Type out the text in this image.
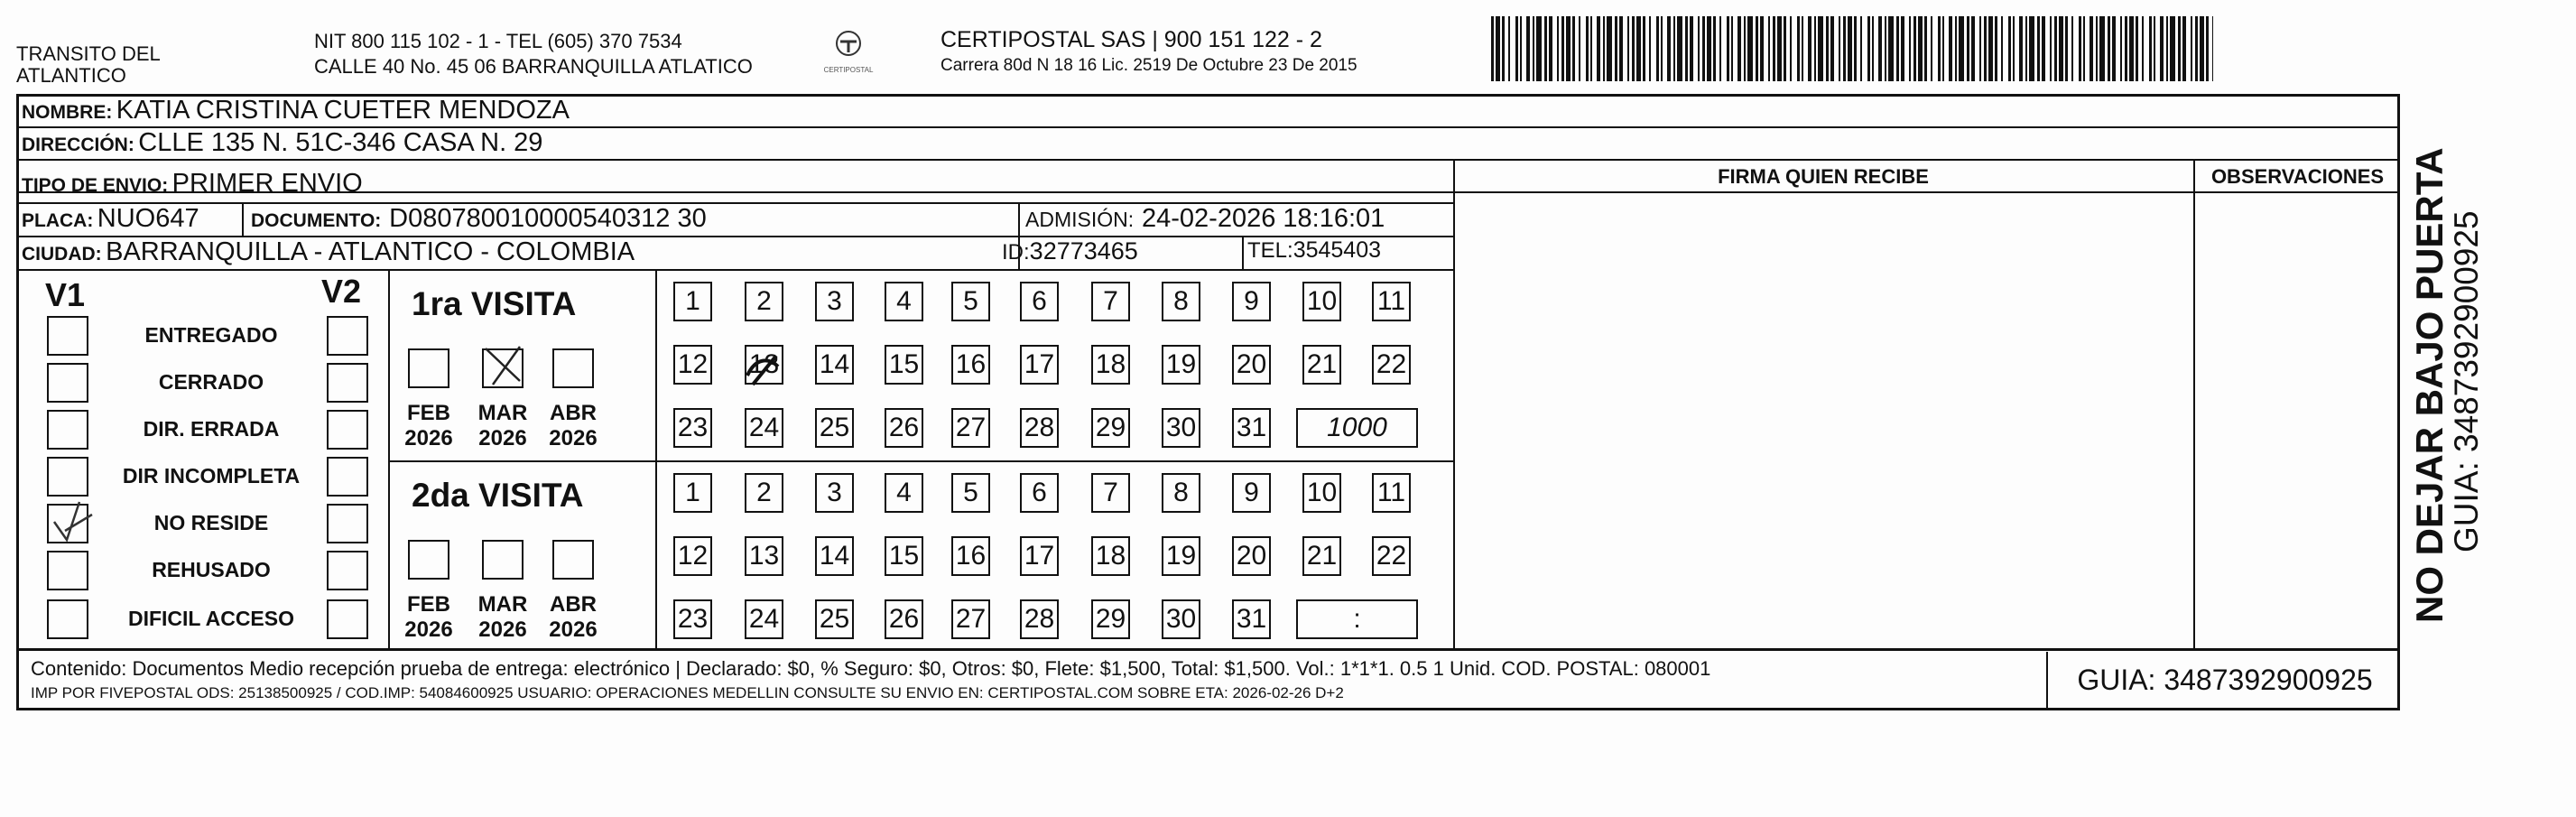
TRANSITO DEL
ATLANTICO
NIT 800 115 102 - 1 - TEL (605) 370 7534
CALLE 40 No. 45 06 BARRANQUILLA ATLATICO	CERTIPOSTAL
CERTIPOSTAL SAS | 900 151 122 - 2
Carrera 80d N 18 16 Lic. 2519 De Octubre 23 De 2015
NOMBRE:
KATIA CRISTINA CUETER MENDOZA
DIRECCIÓN:
CLLE 135 N. 51C-346 CASA N. 29
TIPO DE ENVIO:
PRIMER ENVIO	FIRMA QUIEN RECIBE	OBSERVACIONES
PLACA:
NUO647	DOCUMENTO:
D080780010000540312 30	ADMISIÓN:
24-02-2026 18:16:01
CIUDAD:
BARRANQUILLA - ATLANTICO - COLOMBIA	ID: 32773465	TEL: 3545403
V1	V2
ENTREGADO
CERRADO
DIR. ERRADA
DIR INCOMPLETA
NO RESIDE
REHUSADO
DIFICIL ACCESO
1ra VISITA
FEB
2026
MAR
2026
ABR
2026
1	2	3	4	5	6	7	8	9	10 11
12 13 14 15 16 17 18 19 20 21 22
23 24 25 26 27 28 29 30 31	1000
2da VISITA
FEB
2026
MAR
2026
ABR
2026
1	2	3	4	5	6	7	8	9	10 11
12 13 14 15 16 17 18 19 20 21 22
23 24 25 26 27 28 29 30 31	:
Contenido: Documentos Medio recepción prueba de entrega: electrónico | Declarado: $0, % Seguro: $0, Otros: $0, Flete: $1,500, Total: $1,500. Vol.: 1*1*1. 0.5 1 Unid. COD. POSTAL: 080001
IMP POR FIVEPOSTAL ODS: 25138500925 / COD.IMP: 54084600925 USUARIO: OPERACIONES MEDELLIN CONSULTE SU ENVIO EN: CERTIPOSTAL.COM SOBRE ETA: 2026-02-26 D+2	GUIA: 3487392900925
NO DEJAR BAJO PUERTA
GUIA: 3487392900925
